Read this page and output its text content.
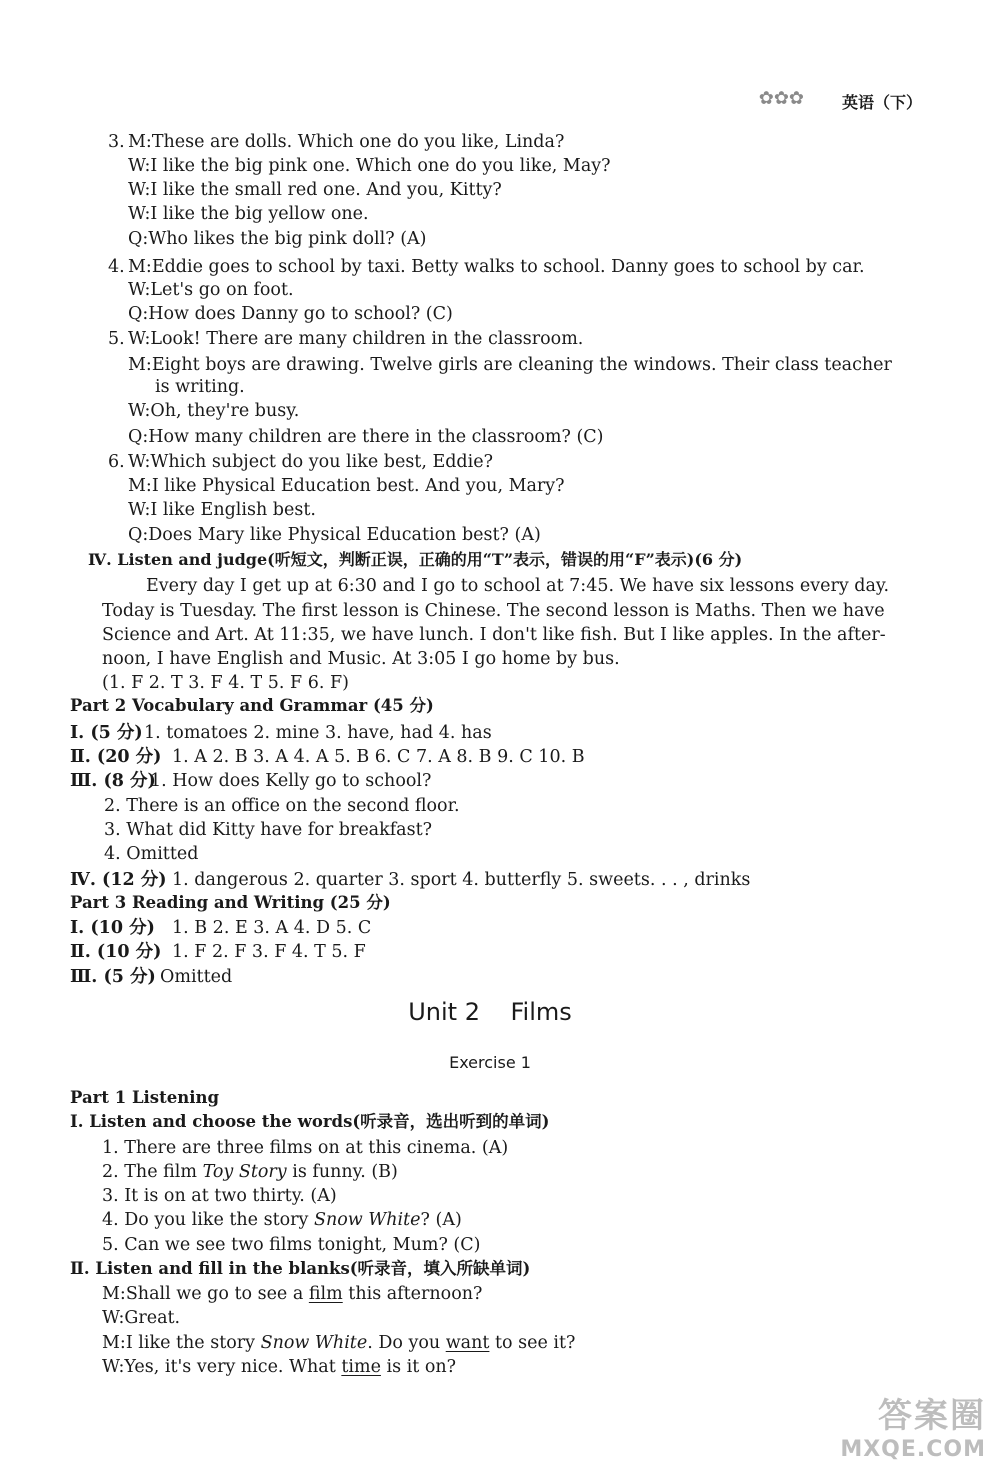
✿✿✿ 英语（下）
3. M:These are dolls. Which one do you like, Linda?
W:I like the big pink one. Which one do you like, May?
W:I like the small red one. And you, Kitty?
W:I like the big yellow one.
Q:Who likes the big pink doll? (A)
4. M:Eddie goes to school by taxi. Betty walks to school. Danny goes to school by car.
W:Let's go on foot.
Q:How does Danny go to school? (C)
5. W:Look! There are many children in the classroom.
M:Eight boys are drawing. Twelve girls are cleaning the windows. Their class teacher
is writing.
W:Oh, they're busy.
Q:How many children are there in the classroom? (C)
6. W:Which subject do you like best, Eddie?
M:I like Physical Education best. And you, Mary?
W:I like English best.
Q:Does Mary like Physical Education best? (A)
Ⅳ. Listen and judge(听短文，判断正误，正确的用“T”表示，错误的用“F”表示)(6 分)
Every day I get up at 6:30 and I go to school at 7:45. We have six lessons every day.
Today is Tuesday. The first lesson is Chinese. The second lesson is Maths. Then we have
Science and Art. At 11:35, we have lunch. I don't like fish. But I like apples. In the after-
noon, I have English and Music. At 3:05 I go home by bus.
(1. F 2. T 3. F 4. T 5. F 6. F)
Part 2 Vocabulary and Grammar (45 分)
Ⅰ. (5 分) 1. tomatoes 2. mine 3. have, had 4. has
Ⅱ. (20 分) 1. A 2. B 3. A 4. A 5. B 6. C 7. A 8. B 9. C 10. B
Ⅲ. (8 分)
1. How does Kelly go to school?
2. There is an office on the second floor.
3. What did Kitty have for breakfast?
4. Omitted
Ⅳ. (12 分) 1. dangerous 2. quarter 3. sport 4. butterfly 5. sweets. . . , drinks
Part 3 Reading and Writing (25 分)
Ⅰ. (10 分) 1. B 2. E 3. A 4. D 5. C
Ⅱ. (10 分) 1. F 2. F 3. F 4. T 5. F
Ⅲ. (5 分) Omitted
Unit 2    Films
Exercise 1
Part 1 Listening
Ⅰ. Listen and choose the words(听录音，选出听到的单词)
1. There are three films on at this cinema. (A)
2. The film Toy Story is funny. (B)
3. It is on at two thirty. (A)
4. Do you like the story Snow White? (A)
5. Can we see two films tonight, Mum? (C)
Ⅱ. Listen and fill in the blanks(听录音，填入所缺单词)
M:Shall we go to see a film this afternoon?
W:Great.
M:I like the story Snow White. Do you want to see it?
W:Yes, it's very nice. What time is it on?
答案圈
MXQE.COM
